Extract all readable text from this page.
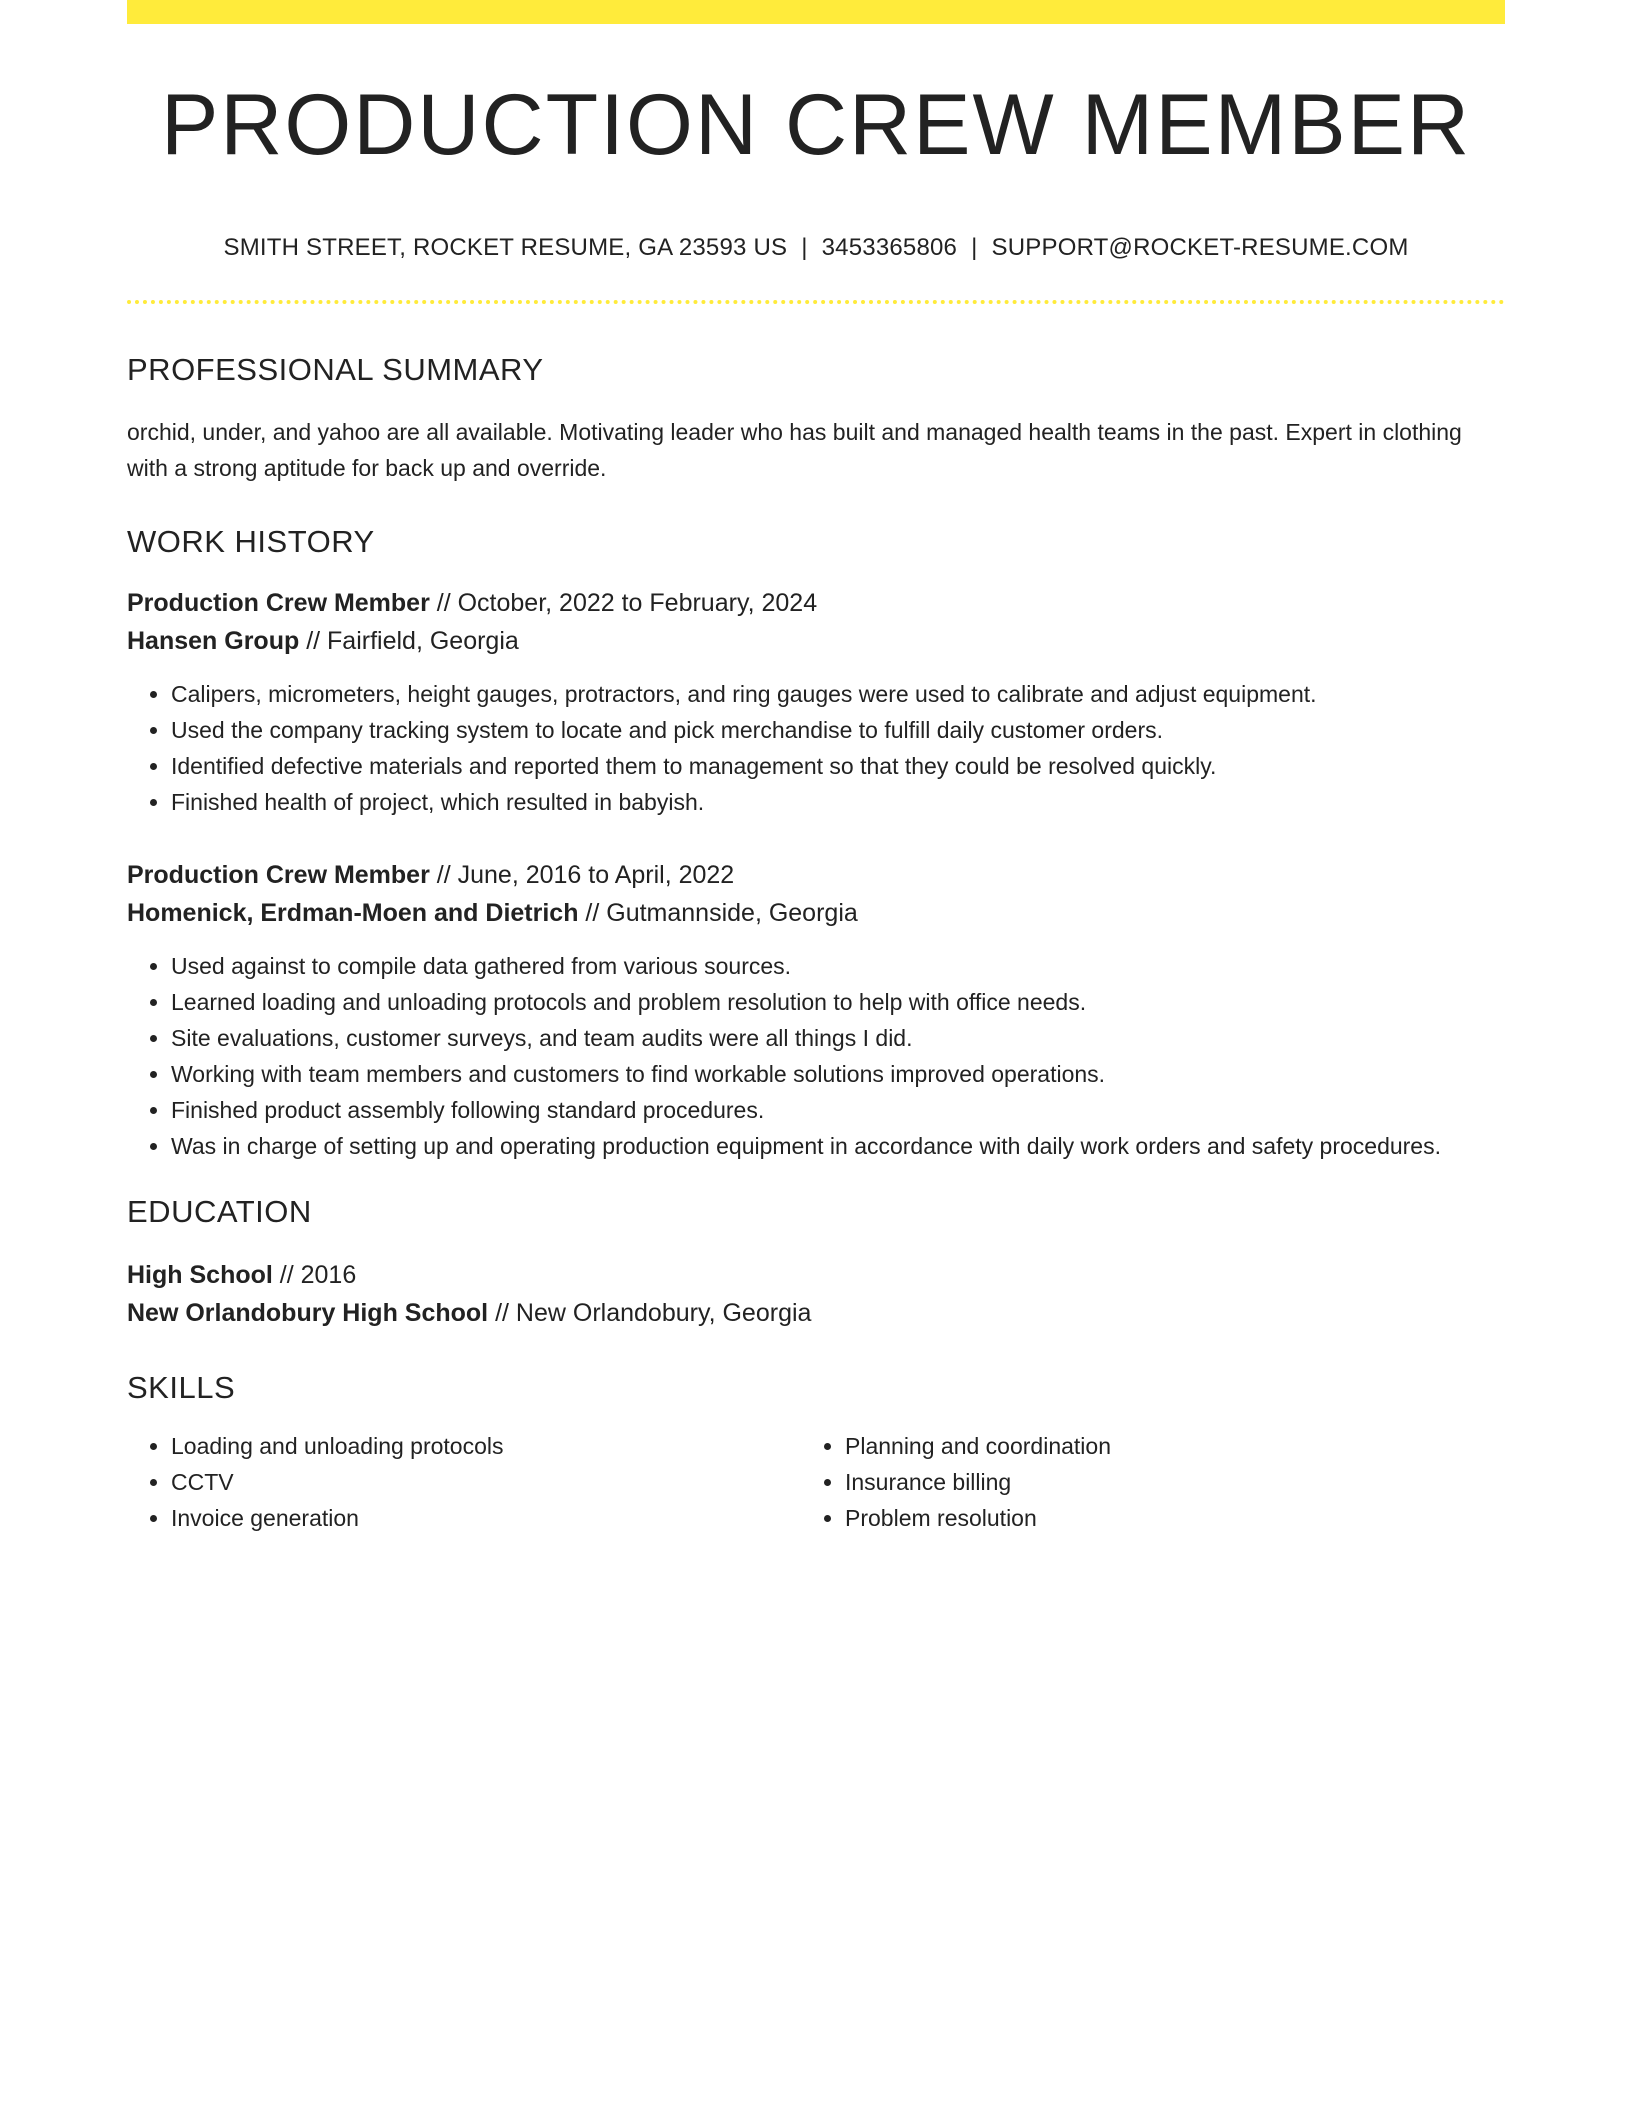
PRODUCTION CREW MEMBER
SMITH STREET, ROCKET RESUME, GA 23593 US | 3453365806 | SUPPORT@ROCKET-RESUME.COM
PROFESSIONAL SUMMARY
orchid, under, and yahoo are all available. Motivating leader who has built and managed health teams in the past. Expert in clothing with a strong aptitude for back up and override.
WORK HISTORY
Production Crew Member // October, 2022 to February, 2024
Hansen Group // Fairfield, Georgia
• Calipers, micrometers, height gauges, protractors, and ring gauges were used to calibrate and adjust equipment.
• Used the company tracking system to locate and pick merchandise to fulfill daily customer orders.
• Identified defective materials and reported them to management so that they could be resolved quickly.
• Finished health of project, which resulted in babyish.
Production Crew Member // June, 2016 to April, 2022
Homenick, Erdman-Moen and Dietrich // Gutmannside, Georgia
• Used against to compile data gathered from various sources.
• Learned loading and unloading protocols and problem resolution to help with office needs.
• Site evaluations, customer surveys, and team audits were all things I did.
• Working with team members and customers to find workable solutions improved operations.
• Finished product assembly following standard procedures.
• Was in charge of setting up and operating production equipment in accordance with daily work orders and safety procedures.
EDUCATION
High School // 2016
New Orlandobury High School // New Orlandobury, Georgia
SKILLS
• Loading and unloading protocols
• CCTV
• Invoice generation
• Planning and coordination
• Insurance billing
• Problem resolution
